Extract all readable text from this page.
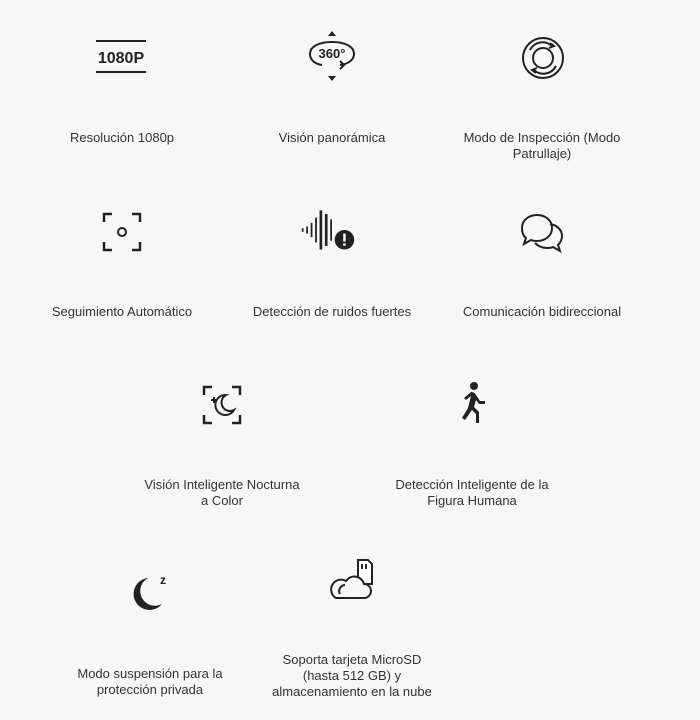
1080P
Resolución 1080p
360°
Visión panorámica	Modo de Inspección (Modo
Patrullaje)
Seguimiento Automático	Detección de ruidos fuertes	Comunicación bidireccional
Visión Inteligente Nocturna
a Color
Detección Inteligente de la
Figura Humana
z
Modo suspensión para la
protección privada
Soporta tarjeta MicroSD
(hasta 512 GB) y
almacenamiento en la nube
